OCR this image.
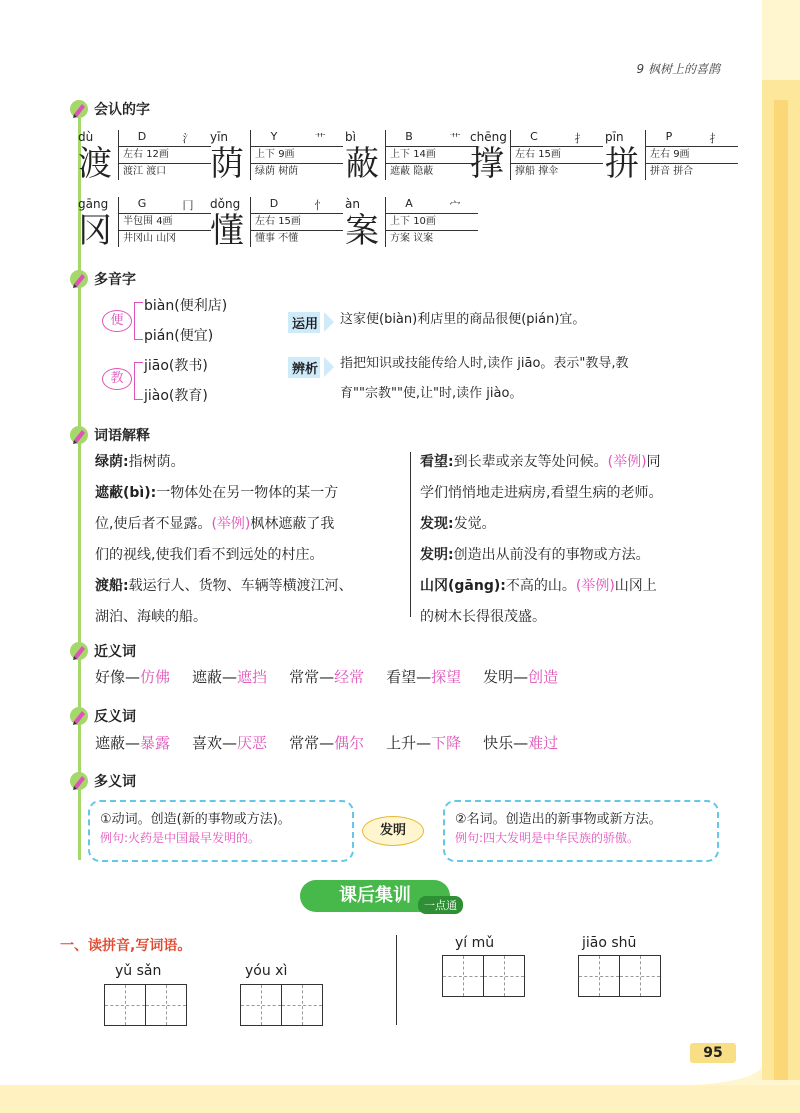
9 枫树上的喜鹊
会认的字
dù
渡
D	氵
左右 12画
渡江 渡口
yīn
荫
Y	艹
上下 9画
绿荫 树荫
bì
蔽
B	艹
上下 14画
遮蔽 隐蔽
chēng
撑
C	扌
左右 15画
撑船 撑伞
pīn
拼
P	扌
左右 9画
拼音 拼合
gāng
冈
G	冂
半包围 4画
井冈山 山冈
dǒng
懂
D	忄
左右 15画
懂事 不懂
àn
案
A	宀
上下 10画
方案 议案
多音字
便
biàn(便利店)
pián(便宜)
运用	这家便(biàn)利店里的商品很便(pián)宜。
教
jiāo(教书)
jiào(教育)
辨析	指把知识或技能传给人时,读作 jiāo。表示"教导,教
育""宗教""使,让"时,读作 jiào。
词语解释
绿荫:指树荫。
遮蔽(bì):一物体处在另一物体的某一方
位,使后者不显露。(举例)枫林遮蔽了我
们的视线,使我们看不到远处的村庄。
渡船:载运行人、货物、车辆等横渡江河、
湖泊、海峡的船。
看望:到长辈或亲友等处问候。(举例)同
学们悄悄地走进病房,看望生病的老师。
发现:发觉。
发明:创造出从前没有的事物或方法。
山冈(gāng):不高的山。(举例)山冈上
的树木长得很茂盛。
近义词
好像—仿佛 遮蔽—遮挡 常常—经常 看望—探望 发明—创造
反义词
遮蔽—暴露 喜欢—厌恶 常常—偶尔 上升—下降 快乐—难过
多义词
①动词。创造(新的事物或方法)。
例句:火药是中国最早发明的。	发明
②名词。创造出的新事物或新方法。
例句:四大发明是中华民族的骄傲。
课后集训	一点通
一、读拼音,写词语。
yǔ sǎn	yóu xì
yí mǔ	jiāo shū
95
